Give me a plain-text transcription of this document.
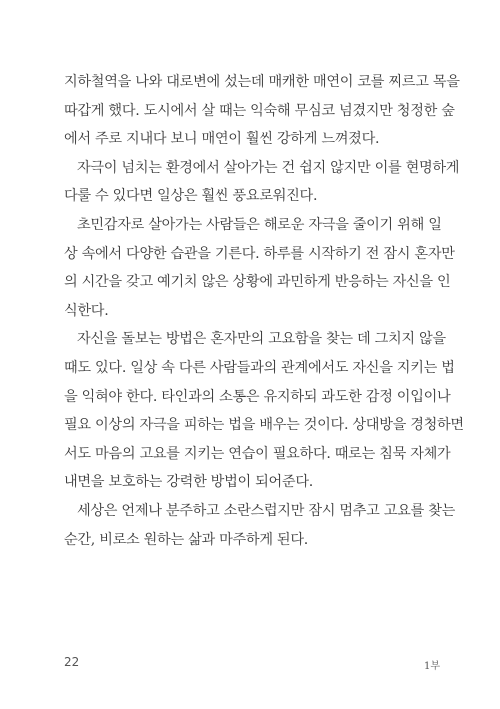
지하철역을 나와 대로변에 섰는데 매캐한 매연이 코를 찌르고 목을
따갑게 했다. 도시에서 살 때는 익숙해 무심코 넘겼지만 청정한 숲
에서 주로 지내다 보니 매연이 훨씬 강하게 느껴졌다.

자극이 넘치는 환경에서 살아가는 건 쉽지 않지만 이를 현명하게
다룰 수 있다면 일상은 훨씬 풍요로워진다.

초민감자로 살아가는 사람들은 해로운 자극을 줄이기 위해 일
상 속에서 다양한 습관을 기른다. 하루를 시작하기 전 잠시 혼자만
의 시간을 갖고 예기치 않은 상황에 과민하게 반응하는 자신을 인
식한다.

자신을 돌보는 방법은 혼자만의 고요함을 찾는 데 그치지 않을
때도 있다. 일상 속 다른 사람들과의 관계에서도 자신을 지키는 법
을 익혀야 한다. 타인과의 소통은 유지하되 과도한 감정 이입이나
필요 이상의 자극을 피하는 법을 배우는 것이다. 상대방을 경청하면
서도 마음의 고요를 지키는 연습이 필요하다. 때로는 침묵 자체가
내면을 보호하는 강력한 방법이 되어준다.

세상은 언제나 분주하고 소란스럽지만 잠시 멈추고 고요를 찾는
순간, 비로소 원하는 삶과 마주하게 된다.

22	1부
